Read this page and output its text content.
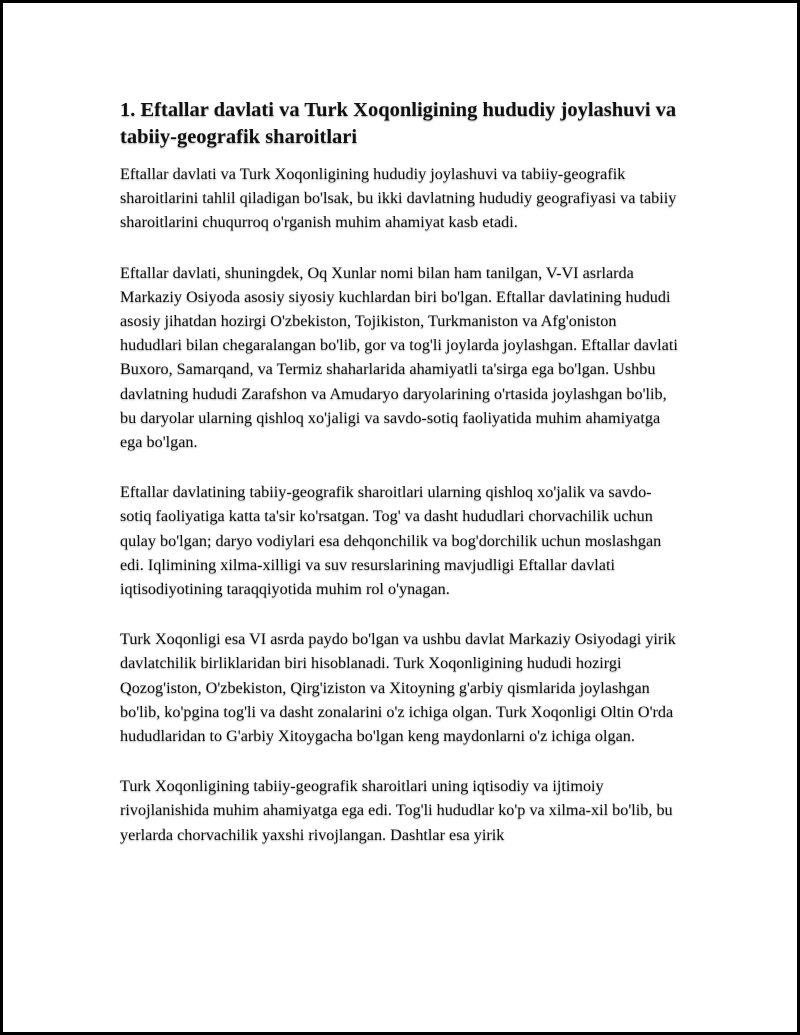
1. Eftallar davlati va Turk Xoqonligining hududiy joylashuvi va tabiiy-geografik sharoitlari

Eftallar davlati va Turk Xoqonligining hududiy joylashuvi va tabiiy-geografik sharoitlarini tahlil qiladigan bo'lsak, bu ikki davlatning hududiy geografiyasi va tabiiy sharoitlarini chuqurroq o'rganish muhim ahamiyat kasb etadi.

Eftallar davlati, shuningdek, Oq Xunlar nomi bilan ham tanilgan, V-VI asrlarda Markaziy Osiyoda asosiy siyosiy kuchlardan biri bo'lgan. Eftallar davlatining hududi asosiy jihatdan hozirgi O'zbekiston, Tojikiston, Turkmaniston va Afg'oniston hududlari bilan chegaralangan bo'lib, gor va tog'li joylarda joylashgan. Eftallar davlati Buxoro, Samarqand, va Termiz shaharlarida ahamiyatli ta'sirga ega bo'lgan. Ushbu davlatning hududi Zarafshon va Amudaryo daryolarining o'rtasida joylashgan bo'lib, bu daryolar ularning qishloq xo'jaligi va savdo-sotiq faoliyatida muhim ahamiyatga ega bo'lgan.

Eftallar davlatining tabiiy-geografik sharoitlari ularning qishloq xo'jalik va savdo-sotiq faoliyatiga katta ta'sir ko'rsatgan. Tog' va dasht hududlari chorvachilik uchun qulay bo'lgan; daryo vodiylari esa dehqonchilik va bog'dorchilik uchun moslashgan edi. Iqlimining xilma-xilligi va suv resurslarining mavjudligi Eftallar davlati iqtisodiyotining taraqqiyotida muhim rol o'ynagan.

Turk Xoqonligi esa VI asrda paydo bo'lgan va ushbu davlat Markaziy Osiyodagi yirik davlatchilik birliklaridan biri hisoblanadi. Turk Xoqonligining hududi hozirgi Qozog'iston, O'zbekiston, Qirg'iziston va Xitoyning g'arbiy qismlarida joylashgan bo'lib, ko'pgina tog'li va dasht zonalarini o'z ichiga olgan. Turk Xoqonligi Oltin O'rda hududlaridan to G'arbiy Xitoygacha bo'lgan keng maydonlarni o'z ichiga olgan.

Turk Xoqonligining tabiiy-geografik sharoitlari uning iqtisodiy va ijtimoiy rivojlanishida muhim ahamiyatga ega edi. Tog'li hududlar ko'p va xilma-xil bo'lib, bu yerlarda chorvachilik yaxshi rivojlangan. Dashtlar esa yirik
